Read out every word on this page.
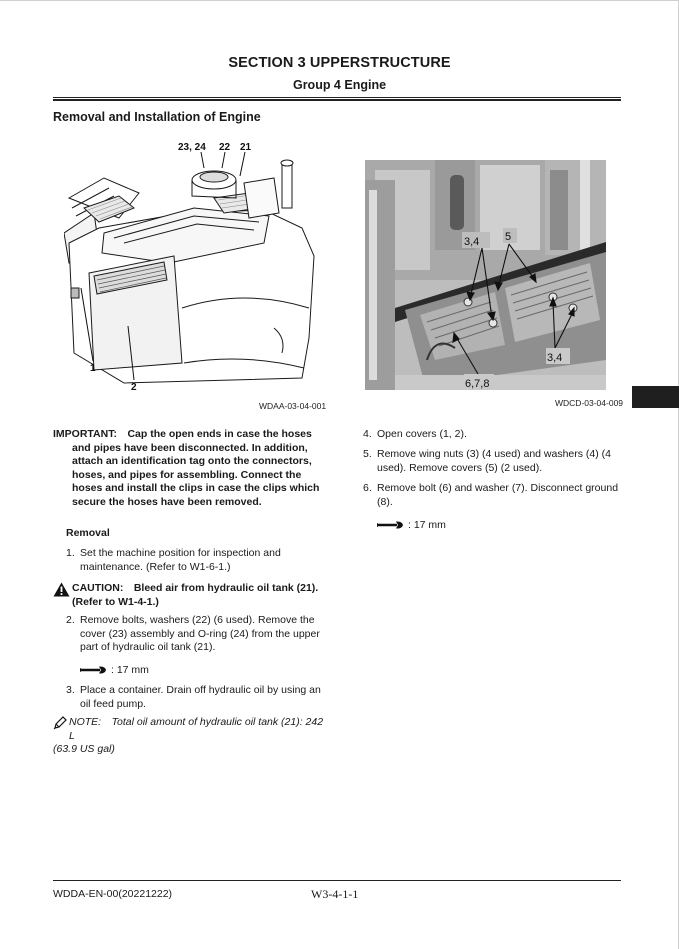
SECTION 3 UPPERSTRUCTURE
Group 4 Engine
Removal and Installation of Engine
23, 24 22 21
1
2
WDAA-03-04-001
3,4 5
3,4
6,7,8
WDCD-03-04-009
IMPORTANT: Cap the open ends in case the hoses
and pipes have been disconnected. In addition, attach an identification tag onto the connectors, hoses, and pipes for assembling. Connect the hoses and install the clips in case the clips which secure the hoses have been removed.
Removal
1. Set the machine position for inspection and maintenance. (Refer to W1-6-1.)
CAUTION:  Bleed air from hydraulic oil tank (21). (Refer to W1-4-1.)
2. Remove bolts, washers (22) (6 used). Remove the cover (23) assembly and O-ring (24) from the upper part of hydraulic oil tank (21).
: 17 mm
3. Place a container. Drain off hydraulic oil by using an oil feed pump.
NOTE: Total oil amount of hydraulic oil tank (21): 242 L
(63.9 US gal)
4. Open covers (1, 2).
5. Remove wing nuts (3) (4 used) and washers (4) (4 used). Remove covers (5) (2 used).
6. Remove bolt (6) and washer (7). Disconnect ground (8).
: 17 mm
WDDA-EN-00(20221222)	W3-4-1-1
